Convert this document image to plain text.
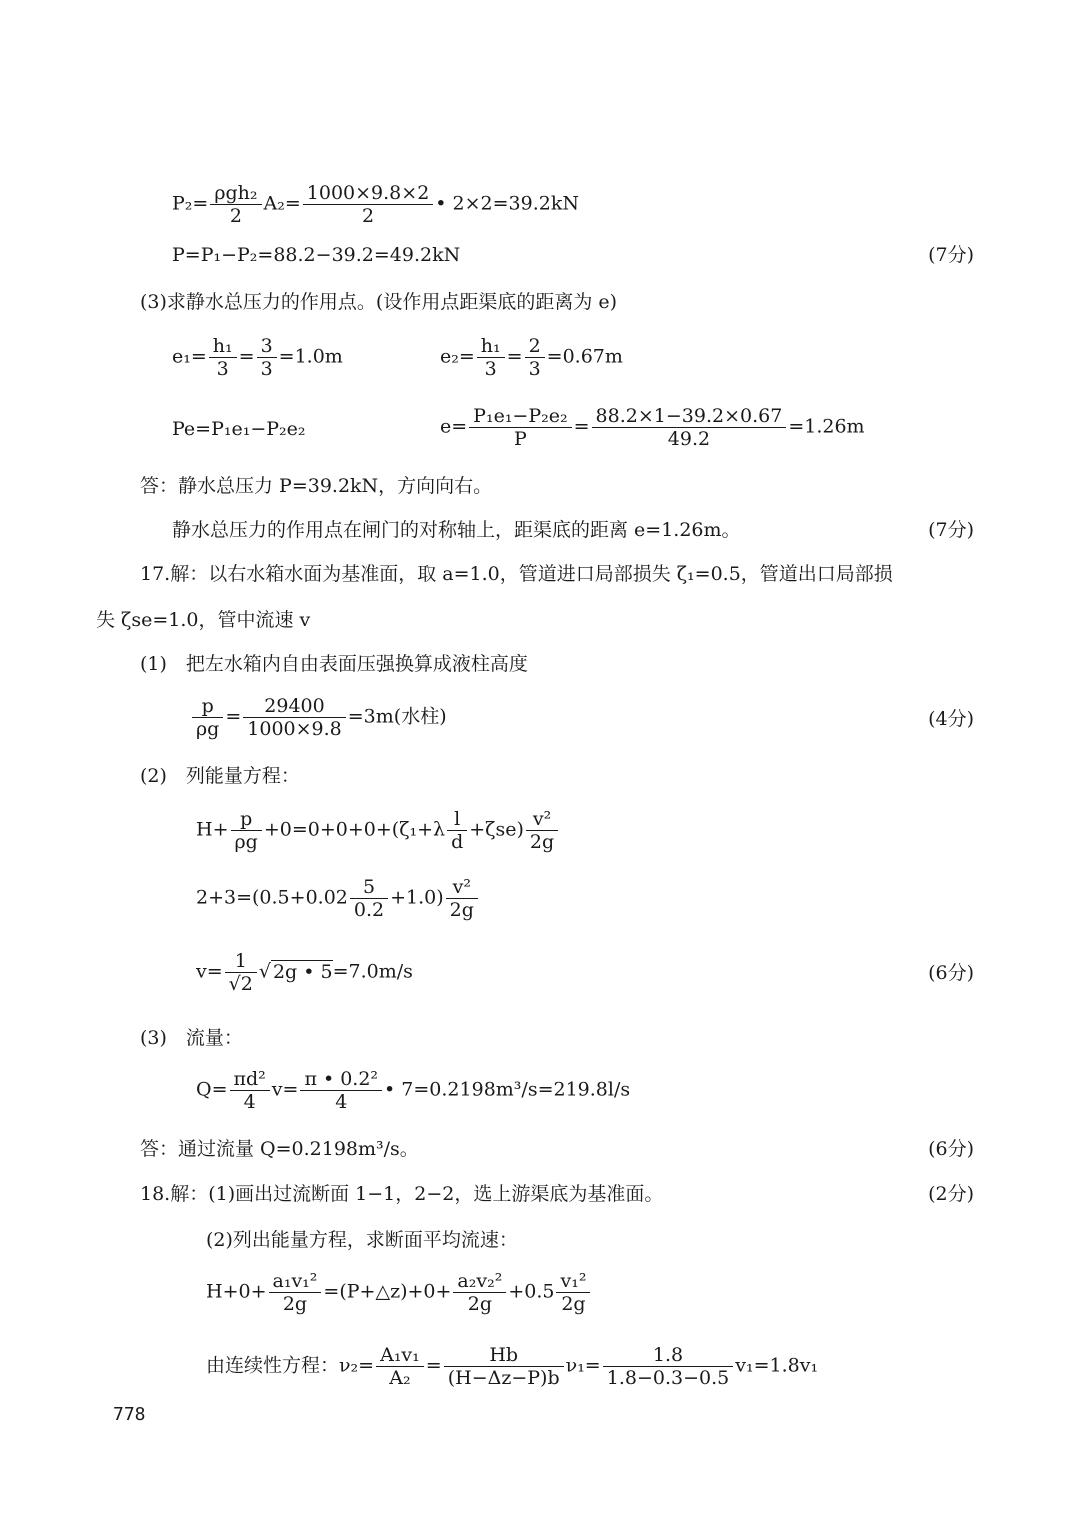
$P_2= \frac{\text{ρgh₂}}{2} A_2= \frac{1000\times 9.8\times 2}{2}$ • 2×2=39.2kN
P=P₁−P₂=88.2−39.2=49.2kN	(7分)
(3)求静水总压力的作用点。(设作用点距渠底的距离为 e)
$e_1= \frac{\text{h₁}}{3} = \frac{3}{3} =1.0m$	$e_2= \frac{\text{h₁}}{3} = \frac{2}{3} =0.67m$
Pe=P₁e₁−P₂e₂	$e= \frac{\text{P₁e₁−P₂e₂}}{P} = \frac{88.2\times 1-39.2\times 0.67}{49.2} =1.26m$
答：静水总压力 P=39.2kN，方向向右。
静水总压力的作用点在闸门的对称轴上，距渠底的距离 e=1.26m。	(7分)
17.解：以右水箱水面为基准面，取 a=1.0，管道进口局部损失 ζ₁=0.5，管道出口局部损
失 ζse=1.0，管中流速 v
(1)　把左水箱内自由表面压强换算成液柱高度
$\frac{p}{\rho g} = \frac{29400}{1000\times 9.8} =3m$(水柱)	(4分)
(2)　列能量方程：
$H+ \frac{p}{\rho g} +0=0+0+0+(\zeta_1+\lambda \frac{l}{d} +\zeta se) \frac{\text{v²}}{2g}$
$2+3=(0.5+0.02 \frac{5}{0.2} +1.0) \frac{\text{v²}}{2g}$
$v= \frac{1}{√2}$ √ 2g • 5=7.0m/s	(6分)
(3)　流量：
$Q= \frac{\text{πd²}}{4} v= \frac{\text{π • 0.2²}}{4}$ • 7=0.2198m³/s=219.8l/s
答：通过流量 Q=0.2198m³/s。	(6分)
18.解：(1)画出过流断面 1−1，2−2，选上游渠底为基准面。	(2分)
(2)列出能量方程，求断面平均流速：
$H+0+ \frac{\text{a₁v₁²}}{2g}$ =(P+△z)+0+ $\frac{\text{a₂v₂²}}{2g} +0.5 \frac{\text{v₁²}}{2g}$
由连续性方程：$\nu_2= \frac{\text{A₁v₁}}{\text{A₂}} = \frac{Hb}{(H-\Delta z-P)b} \nu_1= \frac{1.8}{1.8-0.3-0.5} v_1=1.8v_1$
778
